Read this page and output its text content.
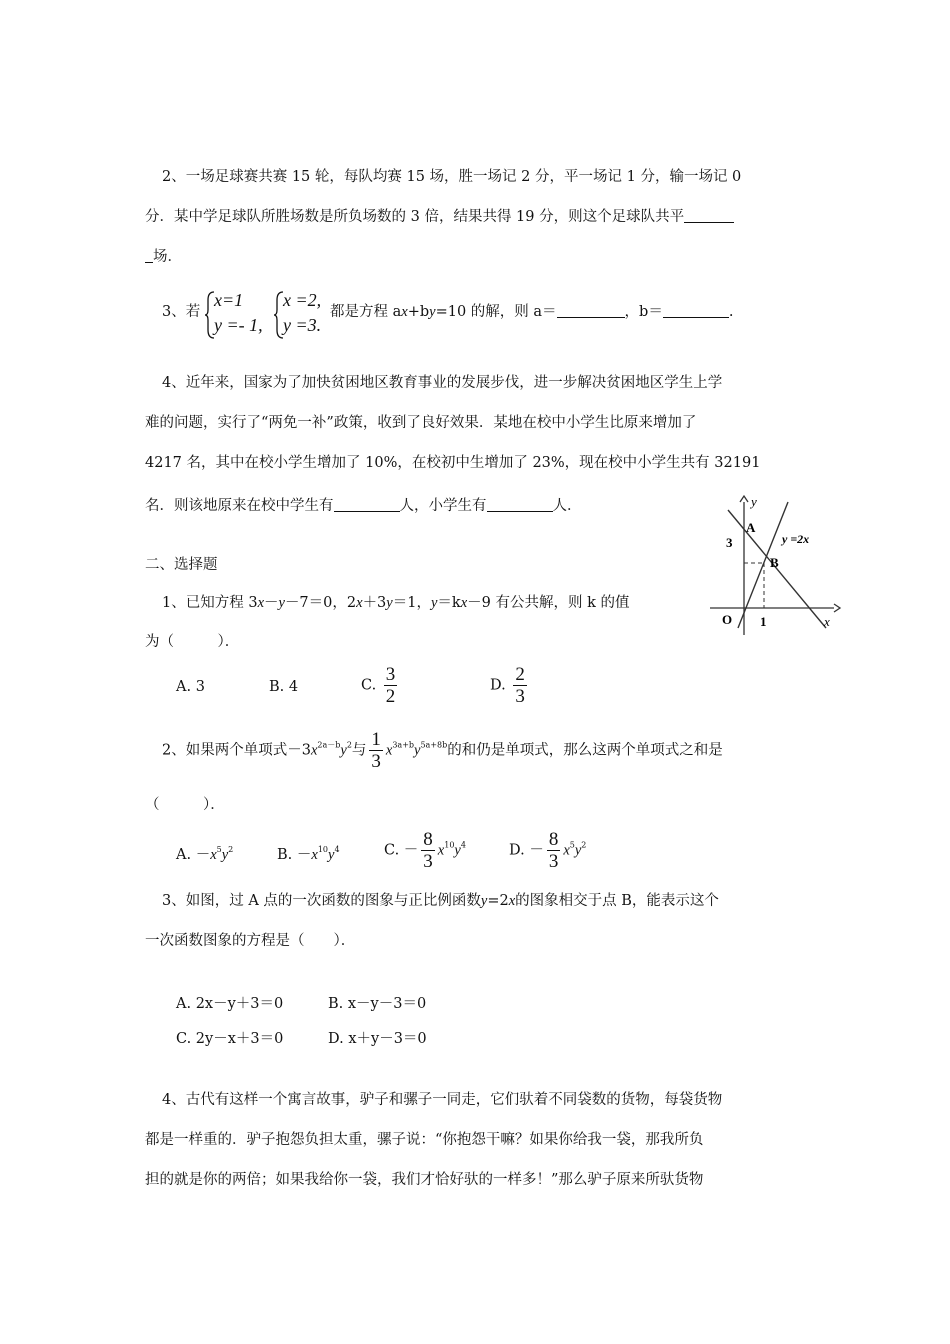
2、一场足球赛共赛 15 轮，每队均赛 15 场，胜一场记 2 分，平一场记 1 分，输一场记 0
分．某中学足球队所胜场数是所负场数的 3 倍，结果共得 19 分，则这个足球队共平
场．
3、若
x=1
y =- 1,
x =2,
y =3.
都是方程 ax+by=10 的解，则 a＝	，b＝	.
4、近年来，国家为了加快贫困地区教育事业的发展步伐，进一步解决贫困地区学生上学
难的问题，实行了“两免一补”政策，收到了良好效果．某地在校中小学生比原来增加了
4217 名，其中在校小学生增加了 10%，在校初中生增加了 23%，现在校中小学生共有 32191
名．则该地原来在校中学生有	人，小学生有	人．	y
x
O
A
B
3
1
y =2x
二、选择题
1、已知方程 3x－y－7＝0，2x＋3y＝1，y＝kx－9 有公共解，则 k 的值
为（　　　）．
A. 3	B. 4	C. $\frac{3}{2}$	D. $\frac{2}{3}$
2、如果两个单项式$-3x^{2a-b}y^2$与 $\frac{1}{3} x^{3a+b}y^{5a+8b}$的和仍是单项式，那么这两个单项式之和是
（　　　）．
A. $-x^5y^2$	B. $-x^{10}y^4$	C. － $\frac{8}{3} x^{10}y^4$	D. － $\frac{8}{3} x^5y^2$
3、如图，过 A 点的一次函数的图象与正比例函数y=2x的图象相交于点 B，能表示这个
一次函数图象的方程是（　　）．
A. 2x－y＋3＝0	B. x－y－3＝0
C. 2y－x＋3＝0	D. x＋y－3＝0
4、古代有这样一个寓言故事，驴子和骡子一同走，它们驮着不同袋数的货物，每袋货物
都是一样重的．驴子抱怨负担太重，骡子说：“你抱怨干嘛？如果你给我一袋，那我所负
担的就是你的两倍；如果我给你一袋，我们才恰好驮的一样多！”那么驴子原来所驮货物
